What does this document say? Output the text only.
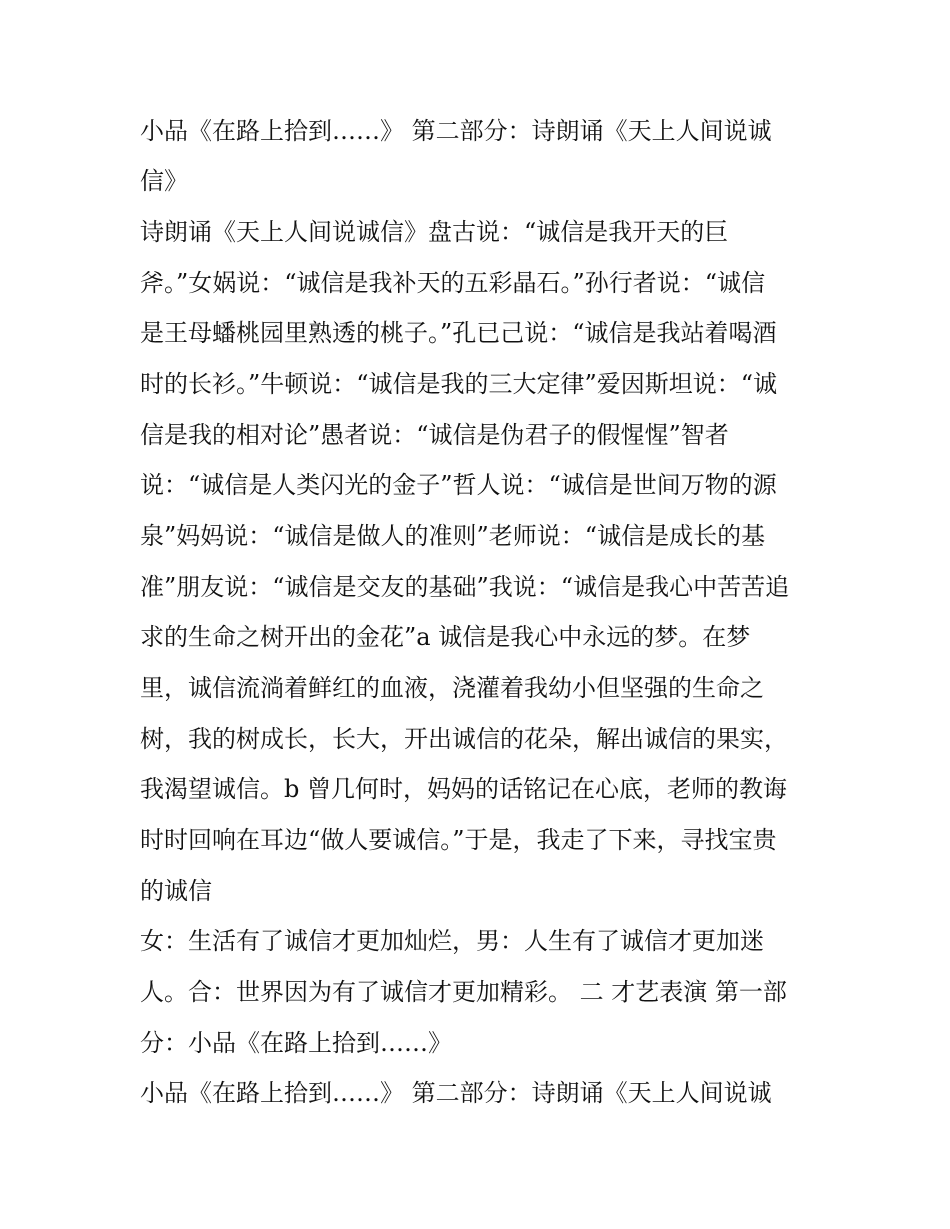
小品《在路上拾到……》 第二部分：诗朗诵《天上人间说诚
信》
诗朗诵《天上人间说诚信》盘古说：“诚信是我开天的巨
斧。”女娲说：“诚信是我补天的五彩晶石。”孙行者说：“诚信
是王母蟠桃园里熟透的桃子。”孔已己说：“诚信是我站着喝酒
时的长衫。”牛顿说：“诚信是我的三大定律”爱因斯坦说：“诚
信是我的相对论”愚者说：“诚信是伪君子的假惺惺”智者
说：“诚信是人类闪光的金子”哲人说：“诚信是世间万物的源
泉”妈妈说：“诚信是做人的准则”老师说：“诚信是成长的基
准”朋友说：“诚信是交友的基础”我说：“诚信是我心中苦苦追
求的生命之树开出的金花”a 诚信是我心中永远的梦。在梦
里，诚信流淌着鲜红的血液，浇灌着我幼小但坚强的生命之
树，我的树成长，长大，开出诚信的花朵，解出诚信的果实，
我渴望诚信。b 曾几何时，妈妈的话铭记在心底，老师的教诲
时时回响在耳边“做人要诚信。”于是，我走了下来，寻找宝贵
的诚信
女：生活有了诚信才更加灿烂，男：人生有了诚信才更加迷
人。合：世界因为有了诚信才更加精彩。 二 才艺表演 第一部
分：小品《在路上拾到……》
小品《在路上拾到……》 第二部分：诗朗诵《天上人间说诚
